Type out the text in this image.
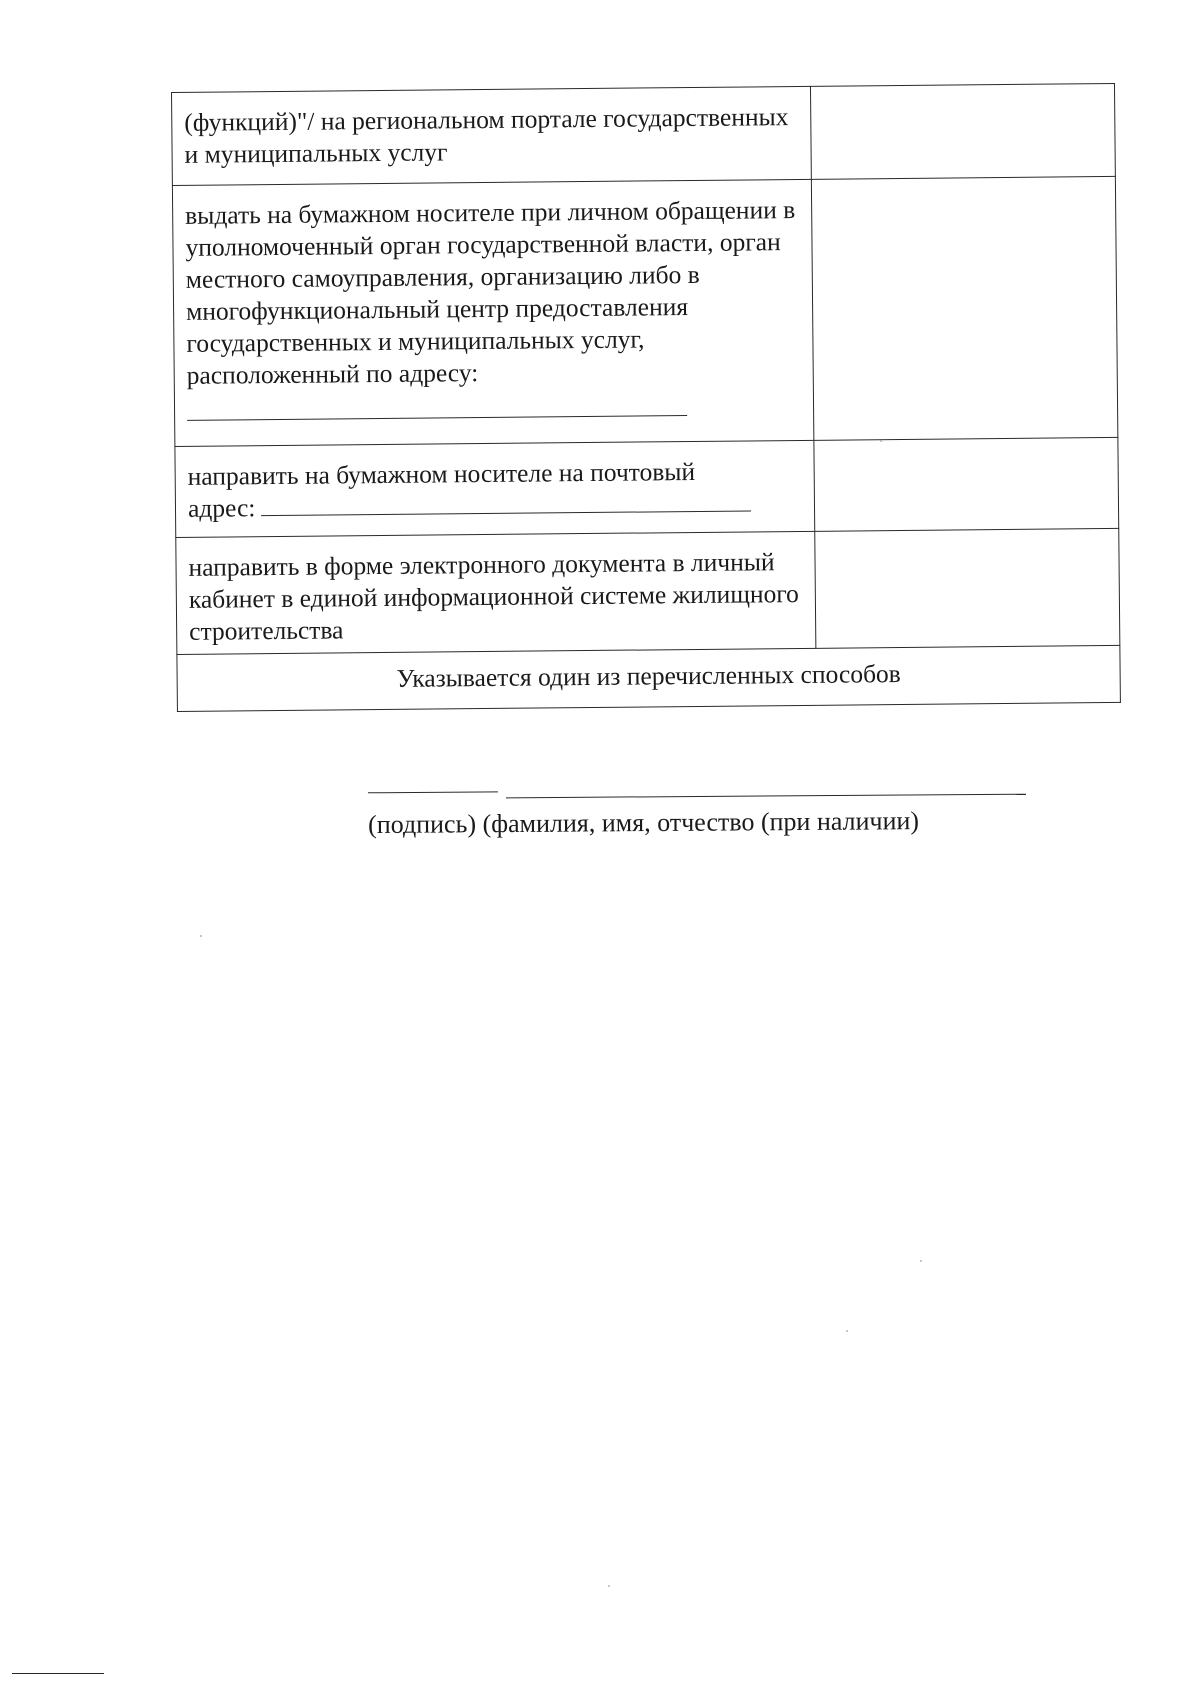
(функций)"/ на региональном портале государственных и муниципальных услуг	
выдать на бумажном носителе при личном обращении в уполномоченный орган государственной власти, орган местного самоуправления, организацию либо в многофункциональный центр предоставления государственных и муниципальных услуг, расположенный по адресу:

направить на бумажном носителе на почтовый
адрес:	
направить в форме электронного документа в личный кабинет в единой информационной системе жилищного строительства	
Указывается один из перечисленных способов	
(подпись) (фамилия, имя, отчество (при наличии)
